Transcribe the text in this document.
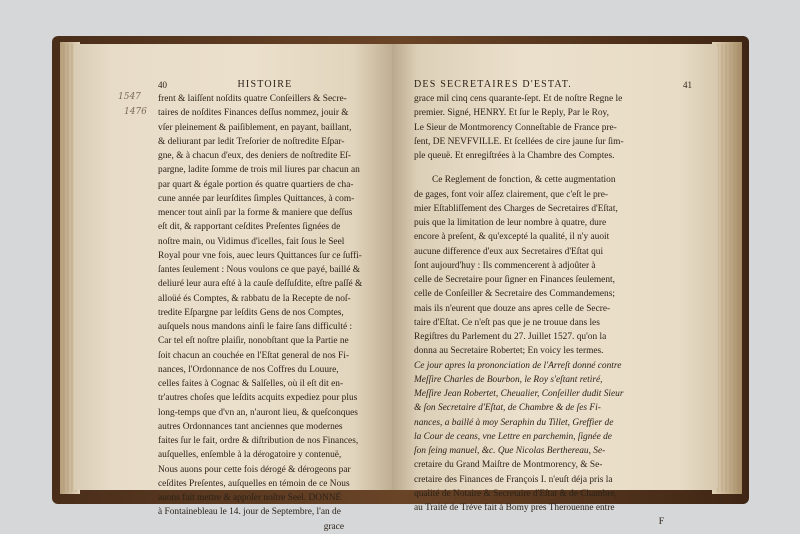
40	HISTOIRE
frent & laiſſent noſdits quatre Conſeillers & Secre-
taires de noſdites Finances deſſus nommez, jouir &
vſer pleinement & paiſiblement, en payant, baillant,
& deliurant par ledit Treſorier de noſtredite Eſpar-
gne, & à chacun d'eux, des deniers de noſtredite Eſ-
pargne, ladite ſomme de trois mil liures par chacun an
par quart & égale portion és quatre quartiers de cha-
cune année par leurſdites ſimples Quittances, à com-
mencer tout ainſi par la forme & maniere que deſſus
eſt dit, & rapportant ceſdites Preſentes ſignées de
noſtre main, ou Vidimus d'icelles, fait ſous le Seel
Royal pour vne fois, auec leurs Quittances ſur ce ſuffi-
ſantes ſeulement : Nous voulons ce que payé, baillé &
deliuré leur aura eſté à la cauſe deſſuſdite, eſtre paſſé &
alloüé és Comptes, & rabbatu de la Recepte de noſ-
tredite Eſpargne par leſdits Gens de nos Comptes,
auſquels nous mandons ainſi le faire ſans difficulté :
Car tel eſt noſtre plaiſir, nonobſtant que la Partie ne
ſoit chacun an couchée en l'Eſtat general de nos Fi-
nances, l'Ordonnance de nos Coffres du Louure,
celles faites à Cognac & Salſelles, où il eſt dit en-
tr'autres choſes que leſdits acquits expediez pour plus
long-temps que d'vn an, n'auront lieu, & queſconques
autres Ordonnances tant anciennes que modernes
faites ſur le fait, ordre & diſtribution de nos Finances,
auſquelles, enſemble à la dérogatoire y contenuë,
Nous auons pour cette fois dérogé & dérogeons par
ceſdites Preſentes, auſquelles en témoin de ce Nous
auons fait mettre & appoſer noſtre Seel. DONNÉ
à Fontainebleau le 14. jour de Septembre, l'an de
grace
1547
1476
DES SECRETAIRES D'ESTAT.	41
grace mil cinq cens quarante-ſept. Et de noſtre Regne le
premier. Signé, HENRY. Et ſur le Reply, Par le Roy,
Le Sieur de Montmorency Conneſtable de France pre-
ſent, DE NEVFVILLE. Et ſcellées de cire jaune ſur ſim-
ple queuë. Et enregiſtrées à la Chambre des Comptes.
Ce Reglement de fonction, & cette augmentation
de gages, font voir aſſez clairement, que c'eſt le pre-
mier Eſtabliſſement des Charges de Secretaires d'Eſtat,
puis que la limitation de leur nombre à quatre, dure
encore à preſent, & qu'excepté la qualité, il n'y auoit
aucune difference d'eux aux Secretaires d'Eſtat qui
ſont aujourd'huy : Ils commencerent à adjoûter à
celle de Secretaire pour ſigner en Finances ſeulement,
celle de Conſeiller & Secretaire des Commandemens;
mais ils n'eurent que douze ans apres celle de Secre-
taire d'Eſtat. Ce n'eſt pas que je ne trouue dans les
Regiſtres du Parlement du 27. Juillet 1527. qu'on la
donna au Secretaire Robertet; En voicy les termes.
Ce jour apres la prononciation de l'Arreſt donné contre
Meſſire Charles de Bourbon, le Roy s'eſtant retiré,
Meſſire Jean Robertet, Cheualier, Conſeiller dudit Sieur
& ſon Secretaire d'Eſtat, de Chambre & de ſes Fi-
nances, a baillé à moy Seraphin du Tillet, Greffier de
la Cour de ceans, vne Lettre en parchemin, ſignée de
ſon ſeing manuel, &c. Que Nicolas Berthereau, Se-
cretaire du Grand Maiſtre de Montmorency, & Se-
cretaire des Finances de François I. n'euſt déja pris la
qualité de Notaire & Secretaire d'Eſtat & de Chambre,
au Traité de Tréve fait à Bomy pres Therouenne entre
F
